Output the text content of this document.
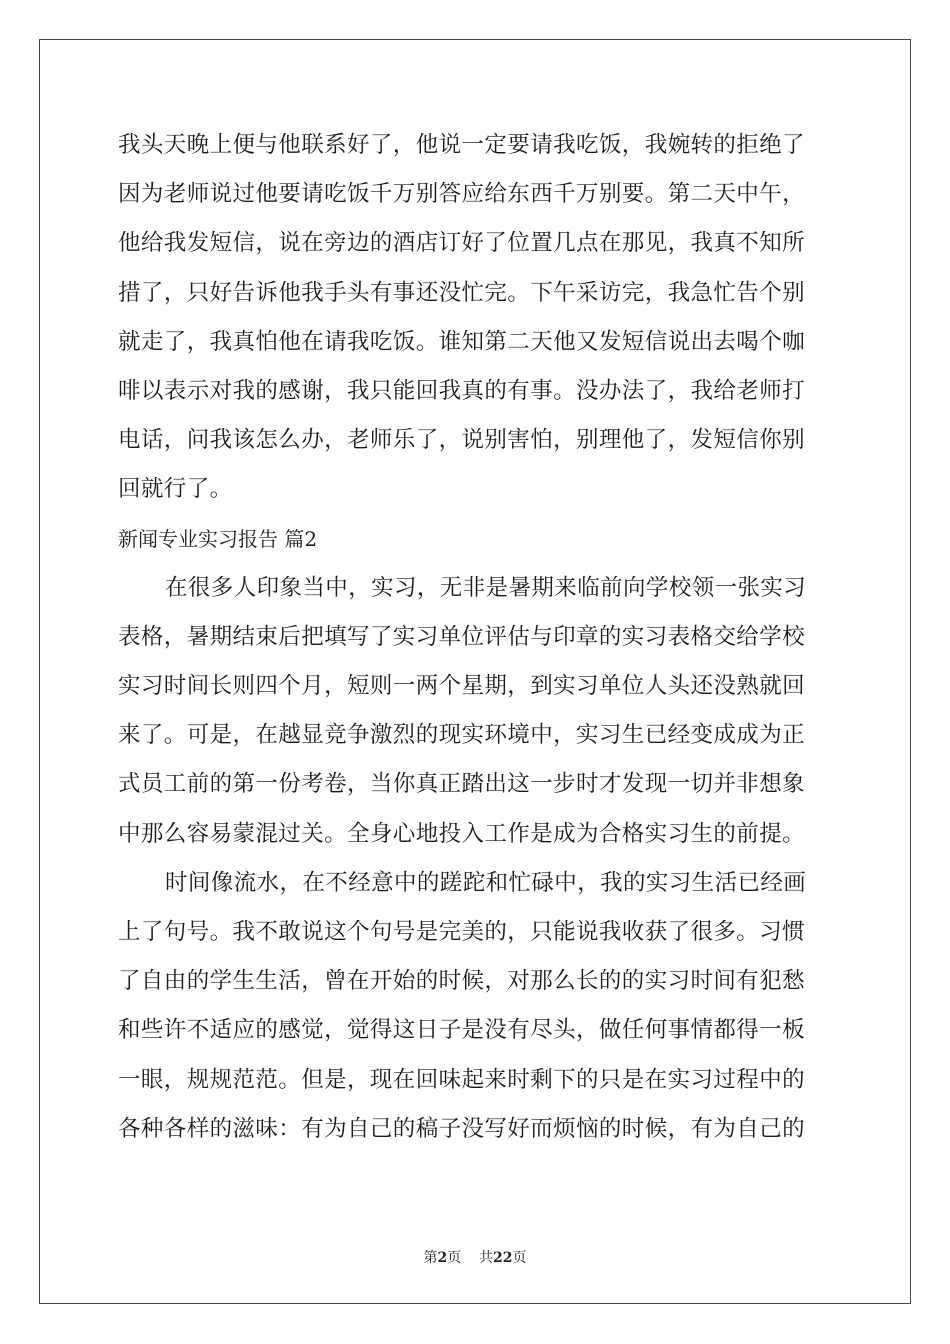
我头天晚上便与他联系好了，他说一定要请我吃饭，我婉转的拒绝了
因为老师说过他要请吃饭千万别答应给东西千万别要。第二天中午，
他给我发短信，说在旁边的酒店订好了位置几点在那见，我真不知所
措了，只好告诉他我手头有事还没忙完。下午采访完，我急忙告个别
就走了，我真怕他在请我吃饭。谁知第二天他又发短信说出去喝个咖
啡以表示对我的感谢，我只能回我真的有事。没办法了，我给老师打
电话，问我该怎么办，老师乐了，说别害怕，别理他了，发短信你别
回就行了。
新闻专业实习报告 篇2
在很多人印象当中，实习，无非是暑期来临前向学校领一张实习
表格，暑期结束后把填写了实习单位评估与印章的实习表格交给学校
实习时间长则四个月，短则一两个星期，到实习单位人头还没熟就回
来了。可是，在越显竞争激烈的现实环境中，实习生已经变成成为正
式员工前的第一份考卷，当你真正踏出这一步时才发现一切并非想象
中那么容易蒙混过关。全身心地投入工作是成为合格实习生的前提。
时间像流水，在不经意中的蹉跎和忙碌中，我的实习生活已经画
上了句号。我不敢说这个句号是完美的，只能说我收获了很多。习惯
了自由的学生生活，曾在开始的时候，对那么长的的实习时间有犯愁
和些许不适应的感觉，觉得这日子是没有尽头，做任何事情都得一板
一眼，规规范范。但是，现在回味起来时剩下的只是在实习过程中的
各种各样的滋味：有为自己的稿子没写好而烦恼的时候，有为自己的
第2页    共22页
